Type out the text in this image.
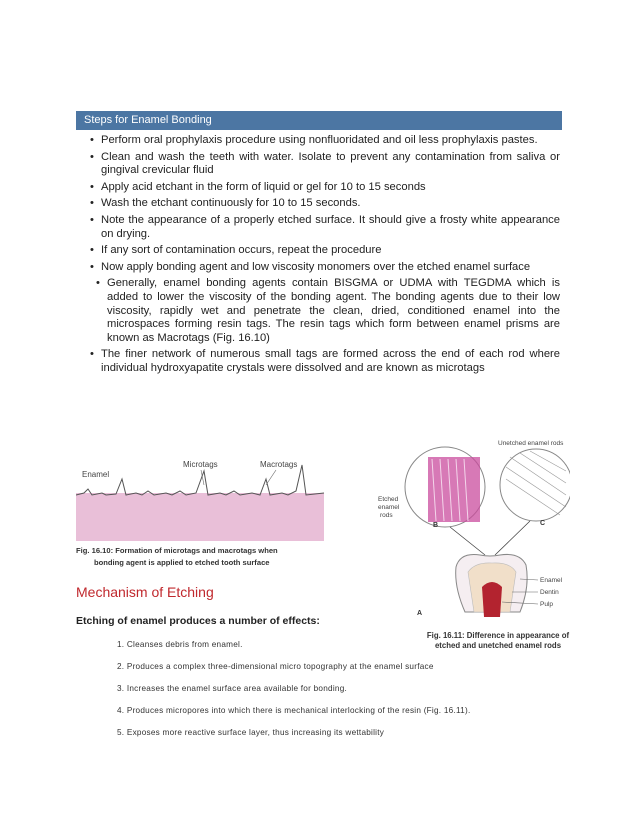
Steps for Enamel Bonding
• Perform oral prophylaxis procedure using nonfluoridated and oil less prophylaxis pastes.
• Clean and wash the teeth with water. Isolate to prevent any contamination from saliva or gingival crevicular fluid
• Apply acid etchant in the form of liquid or gel for 10 to 15 seconds
• Wash the etchant continuously for 10 to 15 seconds.
• Note the appearance of a properly etched surface. It should give a frosty white appearance on drying.
• If any sort of contamination occurs, repeat the procedure
• Now apply bonding agent and low viscosity monomers over the etched enamel surface
• Generally, enamel bonding agents contain BISGMA or UDMA with TEGDMA which is added to lower the viscosity of the bonding agent. The bonding agents due to their low viscosity, rapidly wet and penetrate the clean, dried, conditioned enamel into the microspaces forming resin tags. The resin tags which form between enamel prisms are known as Macrotags (Fig. 16.10)
• The finer network of numerous small tags are formed across the end of each rod where individual hydroxyapatite crystals were dissolved and are known as microtags
Enamel
Microtags	Macrotags
Fig. 16.10: Formation of microtags and macrotags when
bonding agent is applied to etched tooth surface
Unetched enamel rods
Etched
enamel
rods
B	C
A
Enamel
Dentin
Pulp
Fig. 16.11: Difference in appearance of
etched and unetched enamel rods
Mechanism of Etching
Etching of enamel produces a number of effects:
1. Cleanses debris from enamel.
2. Produces a complex three-dimensional micro topography at the enamel surface
3. Increases the enamel surface area available for bonding.
4. Produces micropores into which there is mechanical interlocking of the resin (Fig. 16.11).
5. Exposes more reactive surface layer, thus increasing its wettability
